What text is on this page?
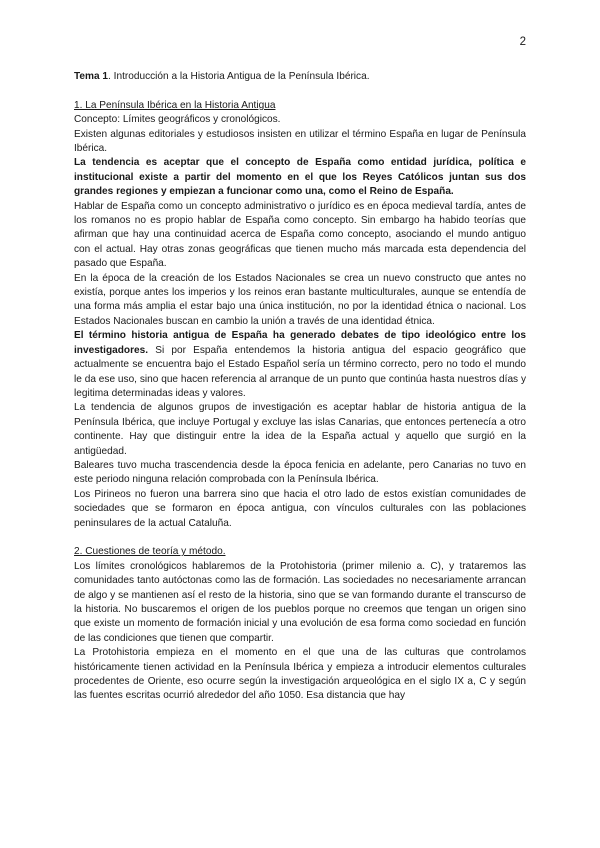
2

Tema 1. Introducción a la Historia Antigua de la Península Ibérica.

1. La Península Ibérica en la Historia Antigua

Concepto: Límites geográficos y cronológicos.

Existen algunas editoriales y estudiosos insisten en utilizar el término España en lugar de Península Ibérica.

La tendencia es aceptar que el concepto de España como entidad jurídica, política e institucional existe a partir del momento en el que los Reyes Católicos juntan sus dos grandes regiones y empiezan a funcionar como una, como el Reino de España.

Hablar de España como un concepto administrativo o jurídico es en época medieval tardía, antes de los romanos no es propio hablar de España como concepto. Sin embargo ha habido teorías que afirman que hay una continuidad acerca de España como concepto, asociando el mundo antiguo con el actual. Hay otras zonas geográficas que tienen mucho más marcada esta dependencia del pasado que España.

En la época de la creación de los Estados Nacionales se crea un nuevo constructo que antes no existía, porque antes los imperios y los reinos eran bastante multiculturales, aunque se entendía de una forma más amplia el estar bajo una única institución, no por la identidad étnica o nacional. Los Estados Nacionales buscan en cambio la unión a través de una identidad étnica.

El término historia antigua de España ha generado debates de tipo ideológico entre los investigadores. Si por España entendemos la historia antigua del espacio geográfico que actualmente se encuentra bajo el Estado Español sería un término correcto, pero no todo el mundo le da ese uso, sino que hacen referencia al arranque de un punto que continúa hasta nuestros días y legitima determinadas ideas y valores.

La tendencia de algunos grupos de investigación es aceptar hablar de historia antigua de la Península Ibérica, que incluye Portugal y excluye las islas Canarias, que entonces pertenecía a otro continente. Hay que distinguir entre la idea de la España actual y aquello que surgió en la antigüedad.

Baleares tuvo mucha trascendencia desde la época fenicia en adelante, pero Canarias no tuvo en este periodo ninguna relación comprobada con la Península Ibérica.

Los Pirineos no fueron una barrera sino que hacia el otro lado de estos existían comunidades de sociedades que se formaron en época antigua, con vínculos culturales con las poblaciones peninsulares de la actual Cataluña.

2. Cuestiones de teoría y método.

Los límites cronológicos hablaremos de la Protohistoria (primer milenio a. C), y trataremos las comunidades tanto autóctonas como las de formación. Las sociedades no necesariamente arrancan de algo y se mantienen así el resto de la historia, sino que se van formando durante el transcurso de la historia. No buscaremos el origen de los pueblos porque no creemos que tengan un origen sino que existe un momento de formación inicial y una evolución de esa forma como sociedad en función de las condiciones que tienen que compartir.

La Protohistoria empieza en el momento en el que una de las culturas que controlamos históricamente tienen actividad en la Península Ibérica y empieza a introducir elementos culturales procedentes de Oriente, eso ocurre según la investigación arqueológica en el siglo IX a, C y según las fuentes escritas ocurrió alrededor del año 1050. Esa distancia que hay
